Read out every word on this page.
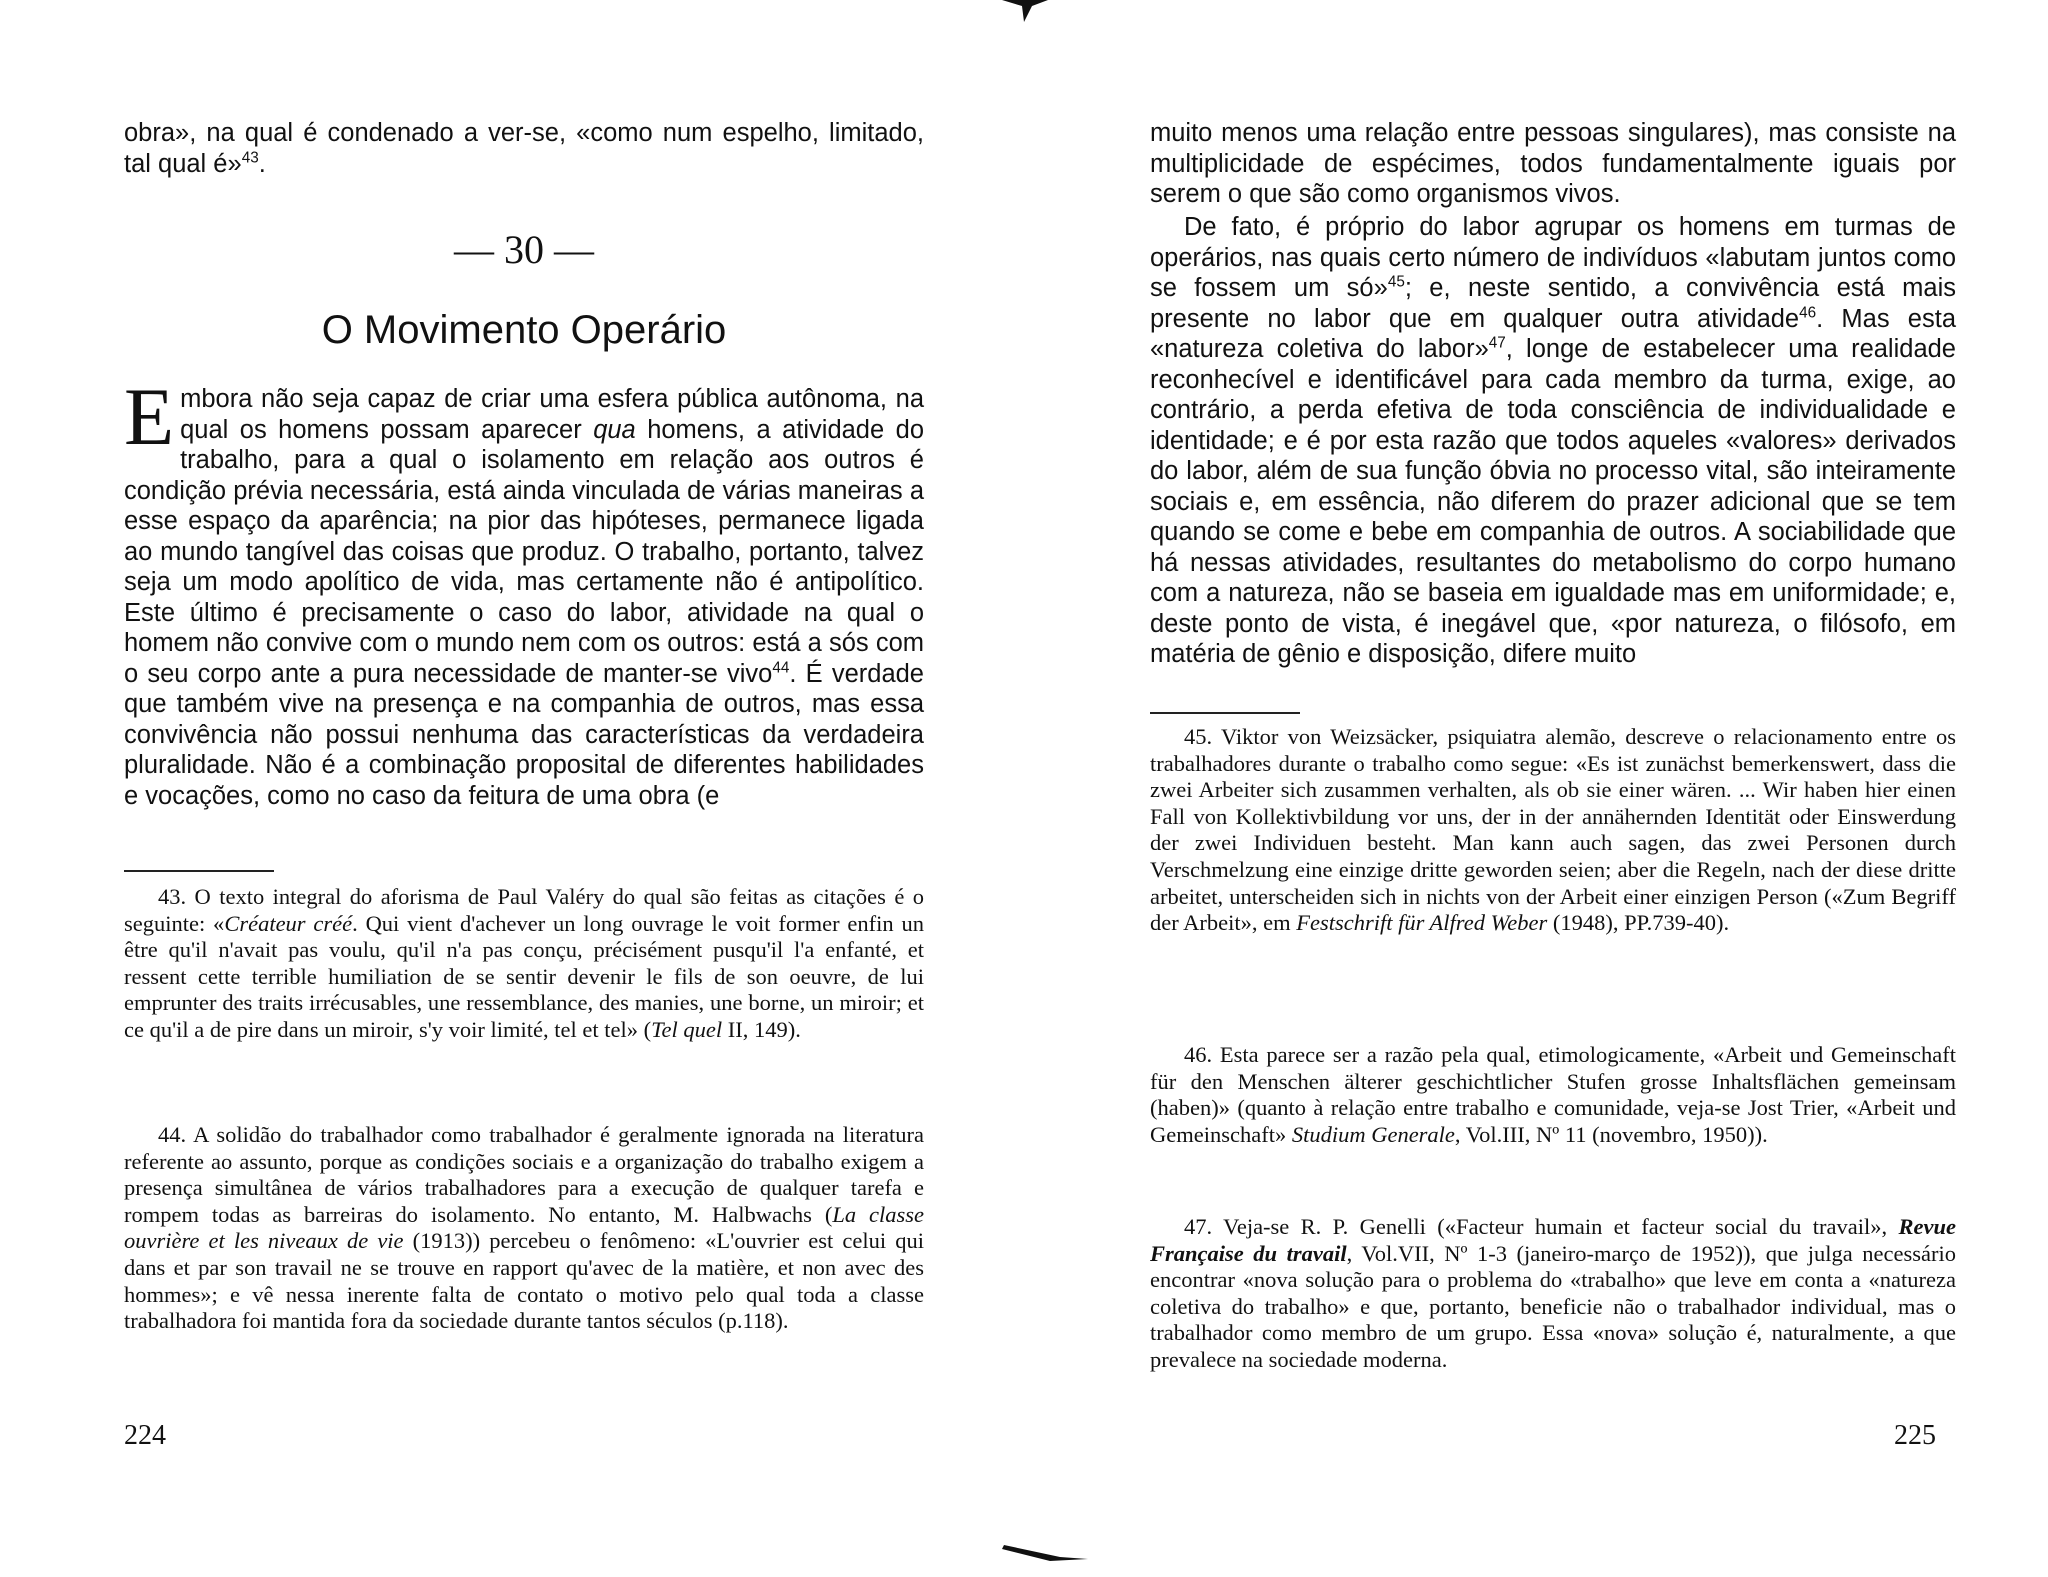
obra», na qual é condenado a ver-se, «como num espelho, limitado, tal qual é»$^{43}$.

— 30 —
O Movimento Operário

Embora não seja capaz de criar uma esfera pública autônoma, na qual os homens possam aparecer qua homens, a atividade do trabalho, para a qual o isolamento em relação aos outros é condição prévia necessária, está ainda vinculada de várias maneiras a esse espaço da aparência; na pior das hipóteses, permanece ligada ao mundo tangível das coisas que produz. O trabalho, portanto, talvez seja um modo apolítico de vida, mas certamente não é antipolítico. Este último é precisamente o caso do labor, atividade na qual o homem não convive com o mundo nem com os outros: está a sós com o seu corpo ante a pura necessidade de manter-se vivo$^{44}$. É verdade que também vive na presença e na companhia de outros, mas essa convivência não possui nenhuma das características da verdadeira pluralidade. Não é a combinação proposital de diferentes habilidades e vocações, como no caso da feitura de uma obra (e

43. O texto integral do aforisma de Paul Valéry do qual são feitas as citações é o seguinte: «Créateur créé. Qui vient d'achever un long ouvrage le voit former enfin un être qu'il n'avait pas voulu, qu'il n'a pas conçu, précisément pusqu'il l'a enfanté, et ressent cette terrible humiliation de se sentir devenir le fils de son oeuvre, de lui emprunter des traits irrécusables, une ressemblance, des manies, une borne, un miroir; et ce qu'il a de pire dans un miroir, s'y voir limité, tel et tel» (Tel quel II, 149).

44. A solidão do trabalhador como trabalhador é geralmente ignorada na literatura referente ao assunto, porque as condições sociais e a organização do trabalho exigem a presença simultânea de vários trabalhadores para a execução de qualquer tarefa e rompem todas as barreiras do isolamento. No entanto, M. Halbwachs (La classe ouvrière et les niveaux de vie (1913)) percebeu o fenômeno: «L'ouvrier est celui qui dans et par son travail ne se trouve en rapport qu'avec de la matière, et non avec des hommes»; e vê nessa inerente falta de contato o motivo pelo qual toda a classe trabalhadora foi mantida fora da sociedade durante tantos séculos (p.118).

224

muito menos uma relação entre pessoas singulares), mas consiste na multiplicidade de espécimes, todos fundamentalmente iguais por serem o que são como organismos vivos.

De fato, é próprio do labor agrupar os homens em turmas de operários, nas quais certo número de indivíduos «labutam juntos como se fossem um só»$^{45}$; e, neste sentido, a convivência está mais presente no labor que em qualquer outra atividade$^{46}$. Mas esta «natureza coletiva do labor»$^{47}$, longe de estabelecer uma realidade reconhecível e identificável para cada membro da turma, exige, ao contrário, a perda efetiva de toda consciência de individualidade e identidade; e é por esta razão que todos aqueles «valores» derivados do labor, além de sua função óbvia no processo vital, são inteiramente sociais e, em essência, não diferem do prazer adicional que se tem quando se come e bebe em companhia de outros. A sociabilidade que há nessas atividades, resultantes do metabolismo do corpo humano com a natureza, não se baseia em igualdade mas em uniformidade; e, deste ponto de vista, é inegável que, «por natureza, o filósofo, em matéria de gênio e disposição, difere muito

45. Viktor von Weizsäcker, psiquiatra alemão, descreve o relacionamento entre os trabalhadores durante o trabalho como segue: «Es ist zunächst bemerkenswert, dass die zwei Arbeiter sich zusammen verhalten, als ob sie einer wären. ... Wir haben hier einen Fall von Kollektivbildung vor uns, der in der annähernden Identität oder Einswerdung der zwei Individuen besteht. Man kann auch sagen, das zwei Personen durch Verschmelzung eine einzige dritte geworden seien; aber die Regeln, nach der diese dritte arbeitet, unterscheiden sich in nichts von der Arbeit einer einzigen Person («Zum Begriff der Arbeit», em Festschrift für Alfred Weber (1948), PP.739-40).

46. Esta parece ser a razão pela qual, etimologicamente, «Arbeit und Gemeinschaft für den Menschen älterer geschichtlicher Stufen grosse Inhaltsflächen gemeinsam (haben)» (quanto à relação entre trabalho e comunidade, veja-se Jost Trier, «Arbeit und Gemeinschaft» Studium Generale, Vol.III, Nº 11 (novembro, 1950)).

47. Veja-se R. P. Genelli («Facteur humain et facteur social du travail», Revue Française du travail, Vol.VII, Nº 1-3 (janeiro-março de 1952)), que julga necessário encontrar «nova solução para o problema do «trabalho» que leve em conta a «natureza coletiva do trabalho» e que, portanto, beneficie não o trabalhador individual, mas o trabalhador como membro de um grupo. Essa «nova» solução é, naturalmente, a que prevalece na sociedade moderna.

225
